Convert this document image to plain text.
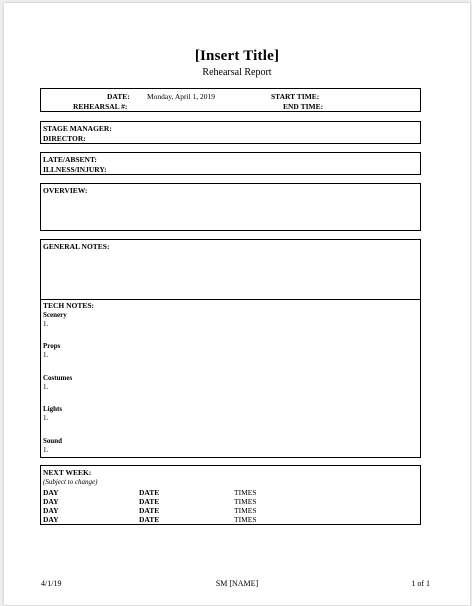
[Insert Title]
Rehearsal Report
DATE: Monday, April 1, 2019	START TIME:
REHEARSAL #:	END TIME:
STAGE MANAGER:
DIRECTOR:
LATE/ABSENT:
ILLNESS/INJURY:
OVERVIEW:
GENERAL NOTES:
TECH NOTES:
Scenery
1.
Props
1.
Costumes
1.
Lights
1.
Sound
1.
NEXT WEEK:
(Subject to change)
DAY	DATE	TIMES
DAY	DATE	TIMES
DAY	DATE	TIMES
DAY	DATE	TIMES
4/1/19	SM [NAME]	1 of 1
